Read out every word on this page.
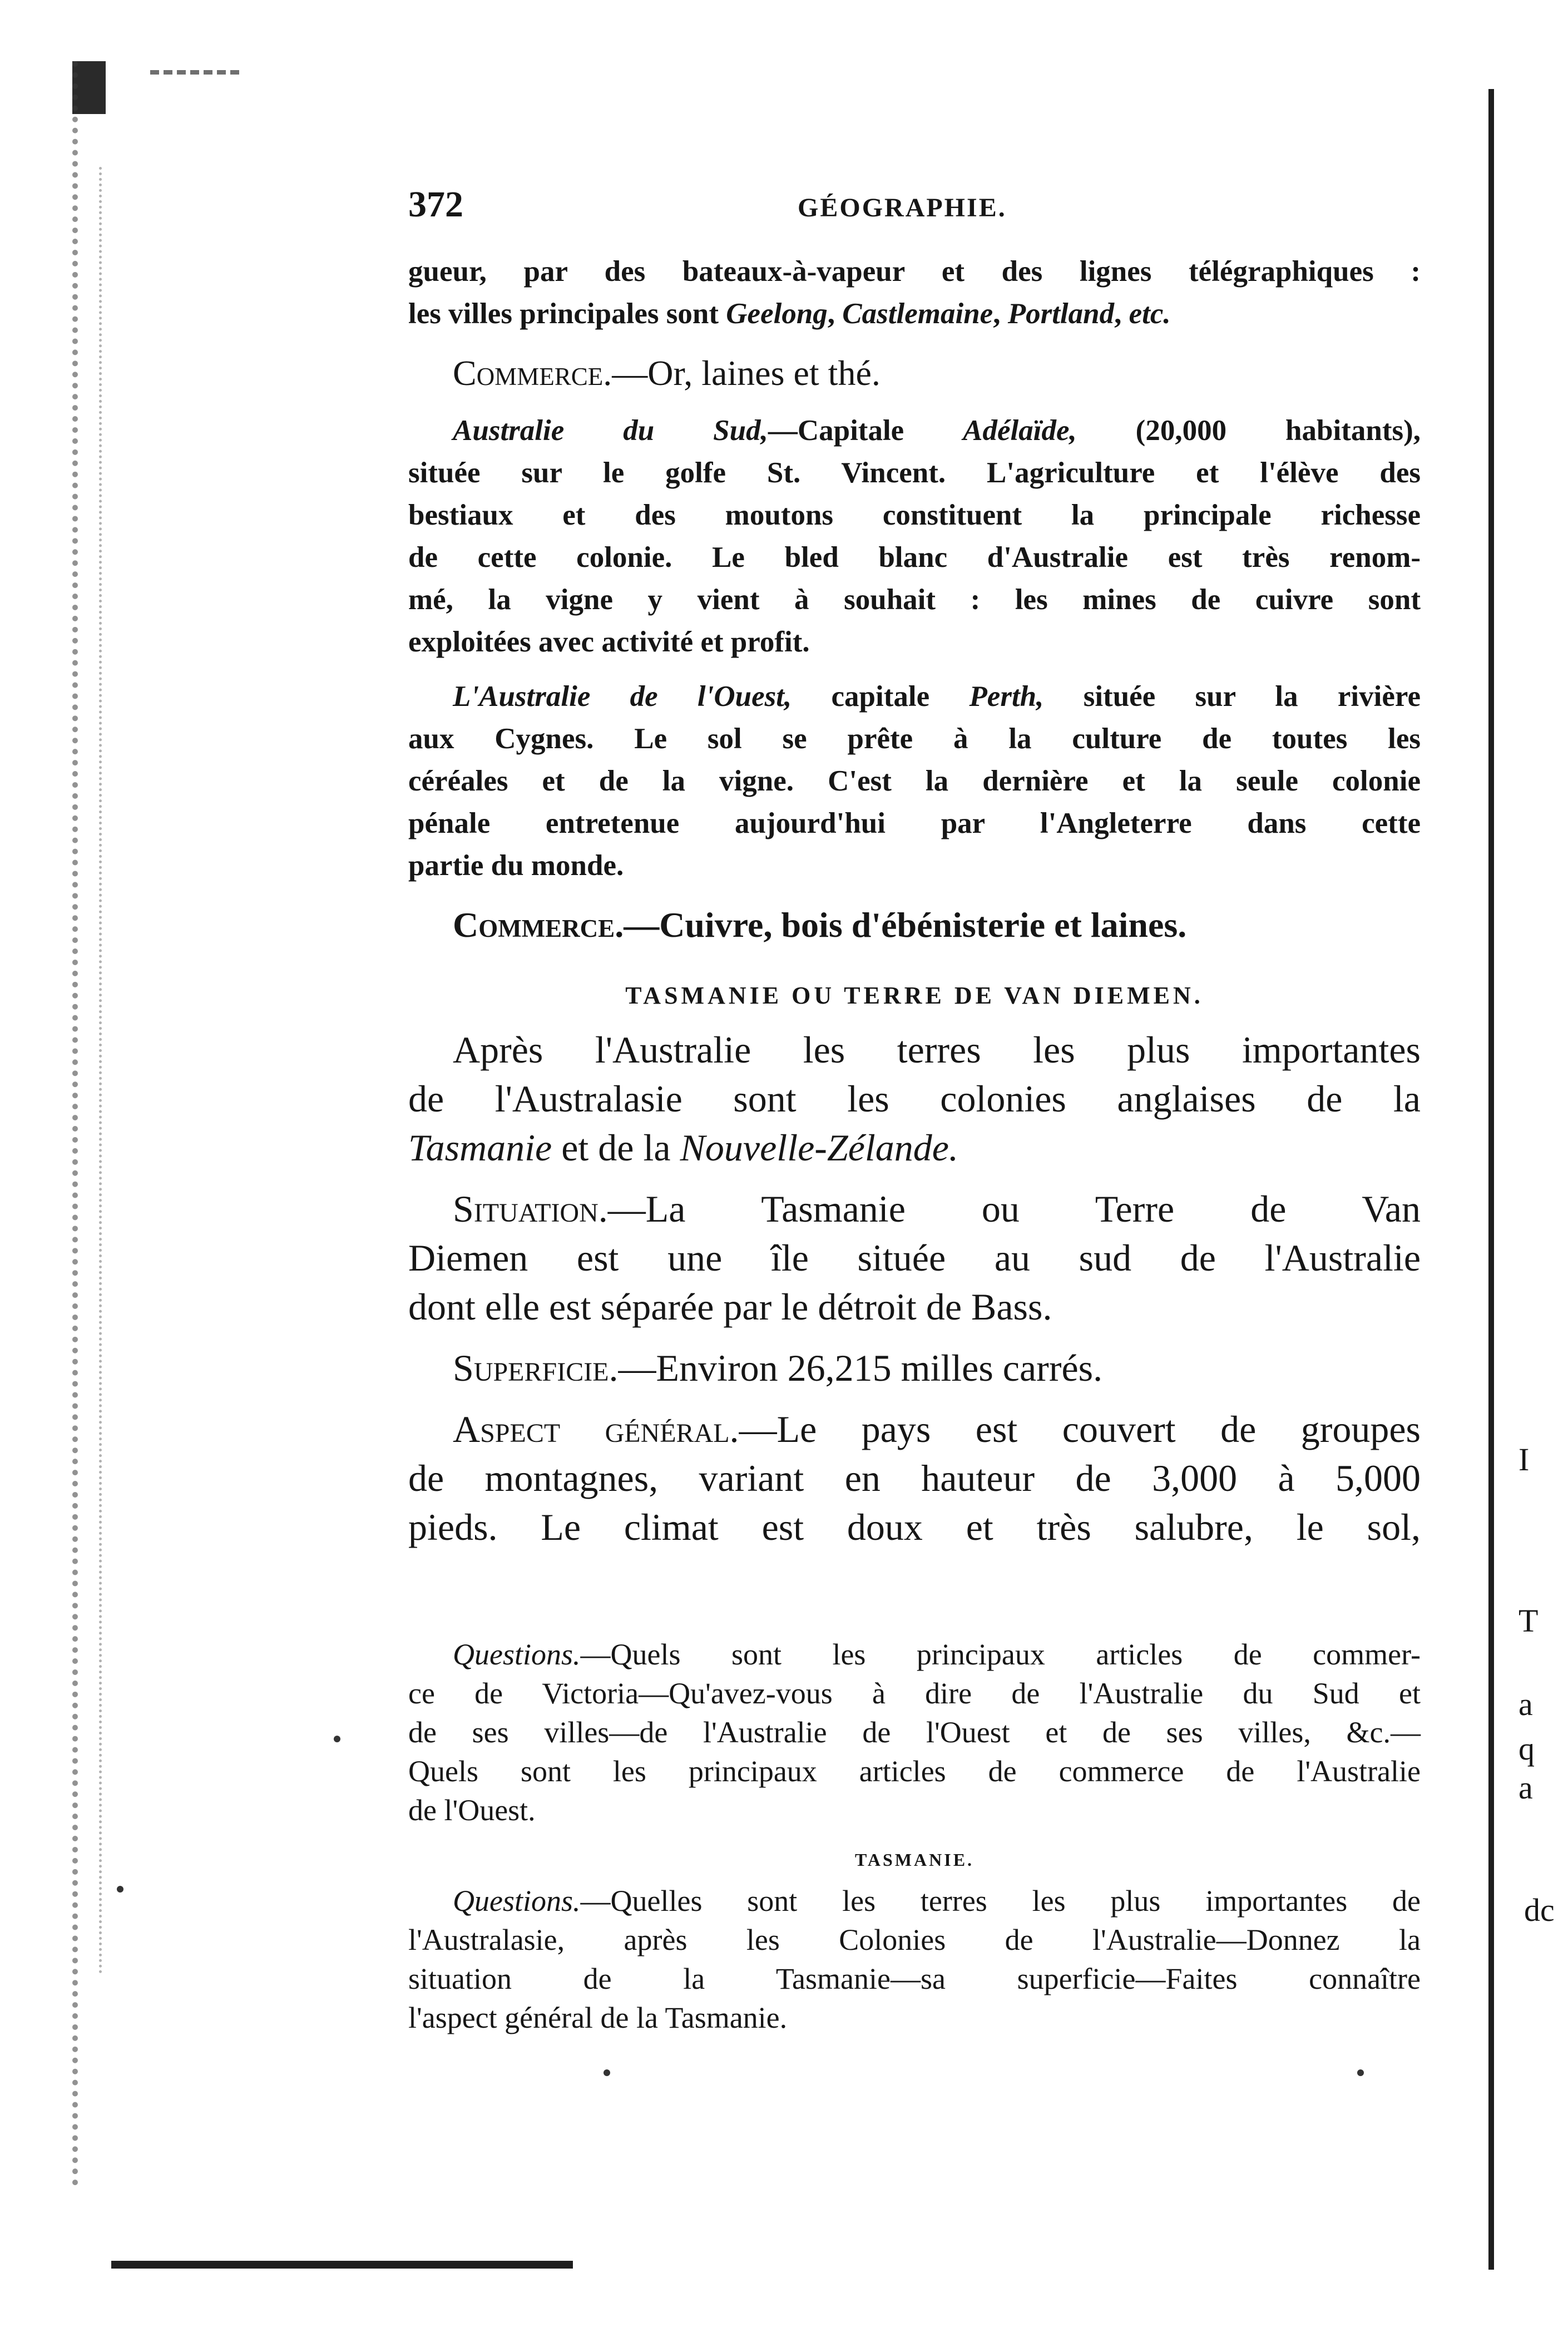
I
T
a
q
a
dc
372	GÉOGRAPHIE.

gueur, par des bateaux-à-vapeur et des lignes télégraphiques :
les villes principales sont Geelong, Castlemaine, Portland, etc.

Commerce.—Or, laines et thé.

Australie du Sud,—Capitale Adélaïde, (20,000 habitants),
située sur le golfe St. Vincent. L'agriculture et l'élève des
bestiaux et des moutons constituent la principale richesse
de cette colonie. Le bled blanc d'Australie est très renom-
mé, la vigne y vient à souhait : les mines de cuivre sont
exploitées avec activité et profit.

L'Australie de l'Ouest, capitale Perth, située sur la rivière
aux Cygnes. Le sol se prête à la culture de toutes les
céréales et de la vigne. C'est la dernière et la seule colonie
pénale entretenue aujourd'hui par l'Angleterre dans cette
partie du monde.

Commerce.—Cuivre, bois d'ébénisterie et laines.

TASMANIE OU TERRE DE VAN DIEMEN.

Après l'Australie les terres les plus importantes
de l'Australasie sont les colonies anglaises de la
Tasmanie et de la Nouvelle-Zélande.

Situation.—La Tasmanie ou Terre de Van
Diemen est une île située au sud de l'Australie
dont elle est séparée par le détroit de Bass.

Superficie.—Environ 26,215 milles carrés.

Aspect général.—Le pays est couvert de groupes
de montagnes, variant en hauteur de 3,000 à 5,000
pieds. Le climat est doux et très salubre, le sol,

Questions.—Quels sont les principaux articles de commer-
ce de Victoria—Qu'avez-vous à dire de l'Australie du Sud et
de ses villes—de l'Australie de l'Ouest et de ses villes, &c.—
Quels sont les principaux articles de commerce de l'Australie
de l'Ouest.

TASMANIE.

Questions.—Quelles sont les terres les plus importantes de
l'Australasie, après les Colonies de l'Australie—Donnez la
situation de la Tasmanie—sa superficie—Faites connaître
l'aspect général de la Tasmanie.
